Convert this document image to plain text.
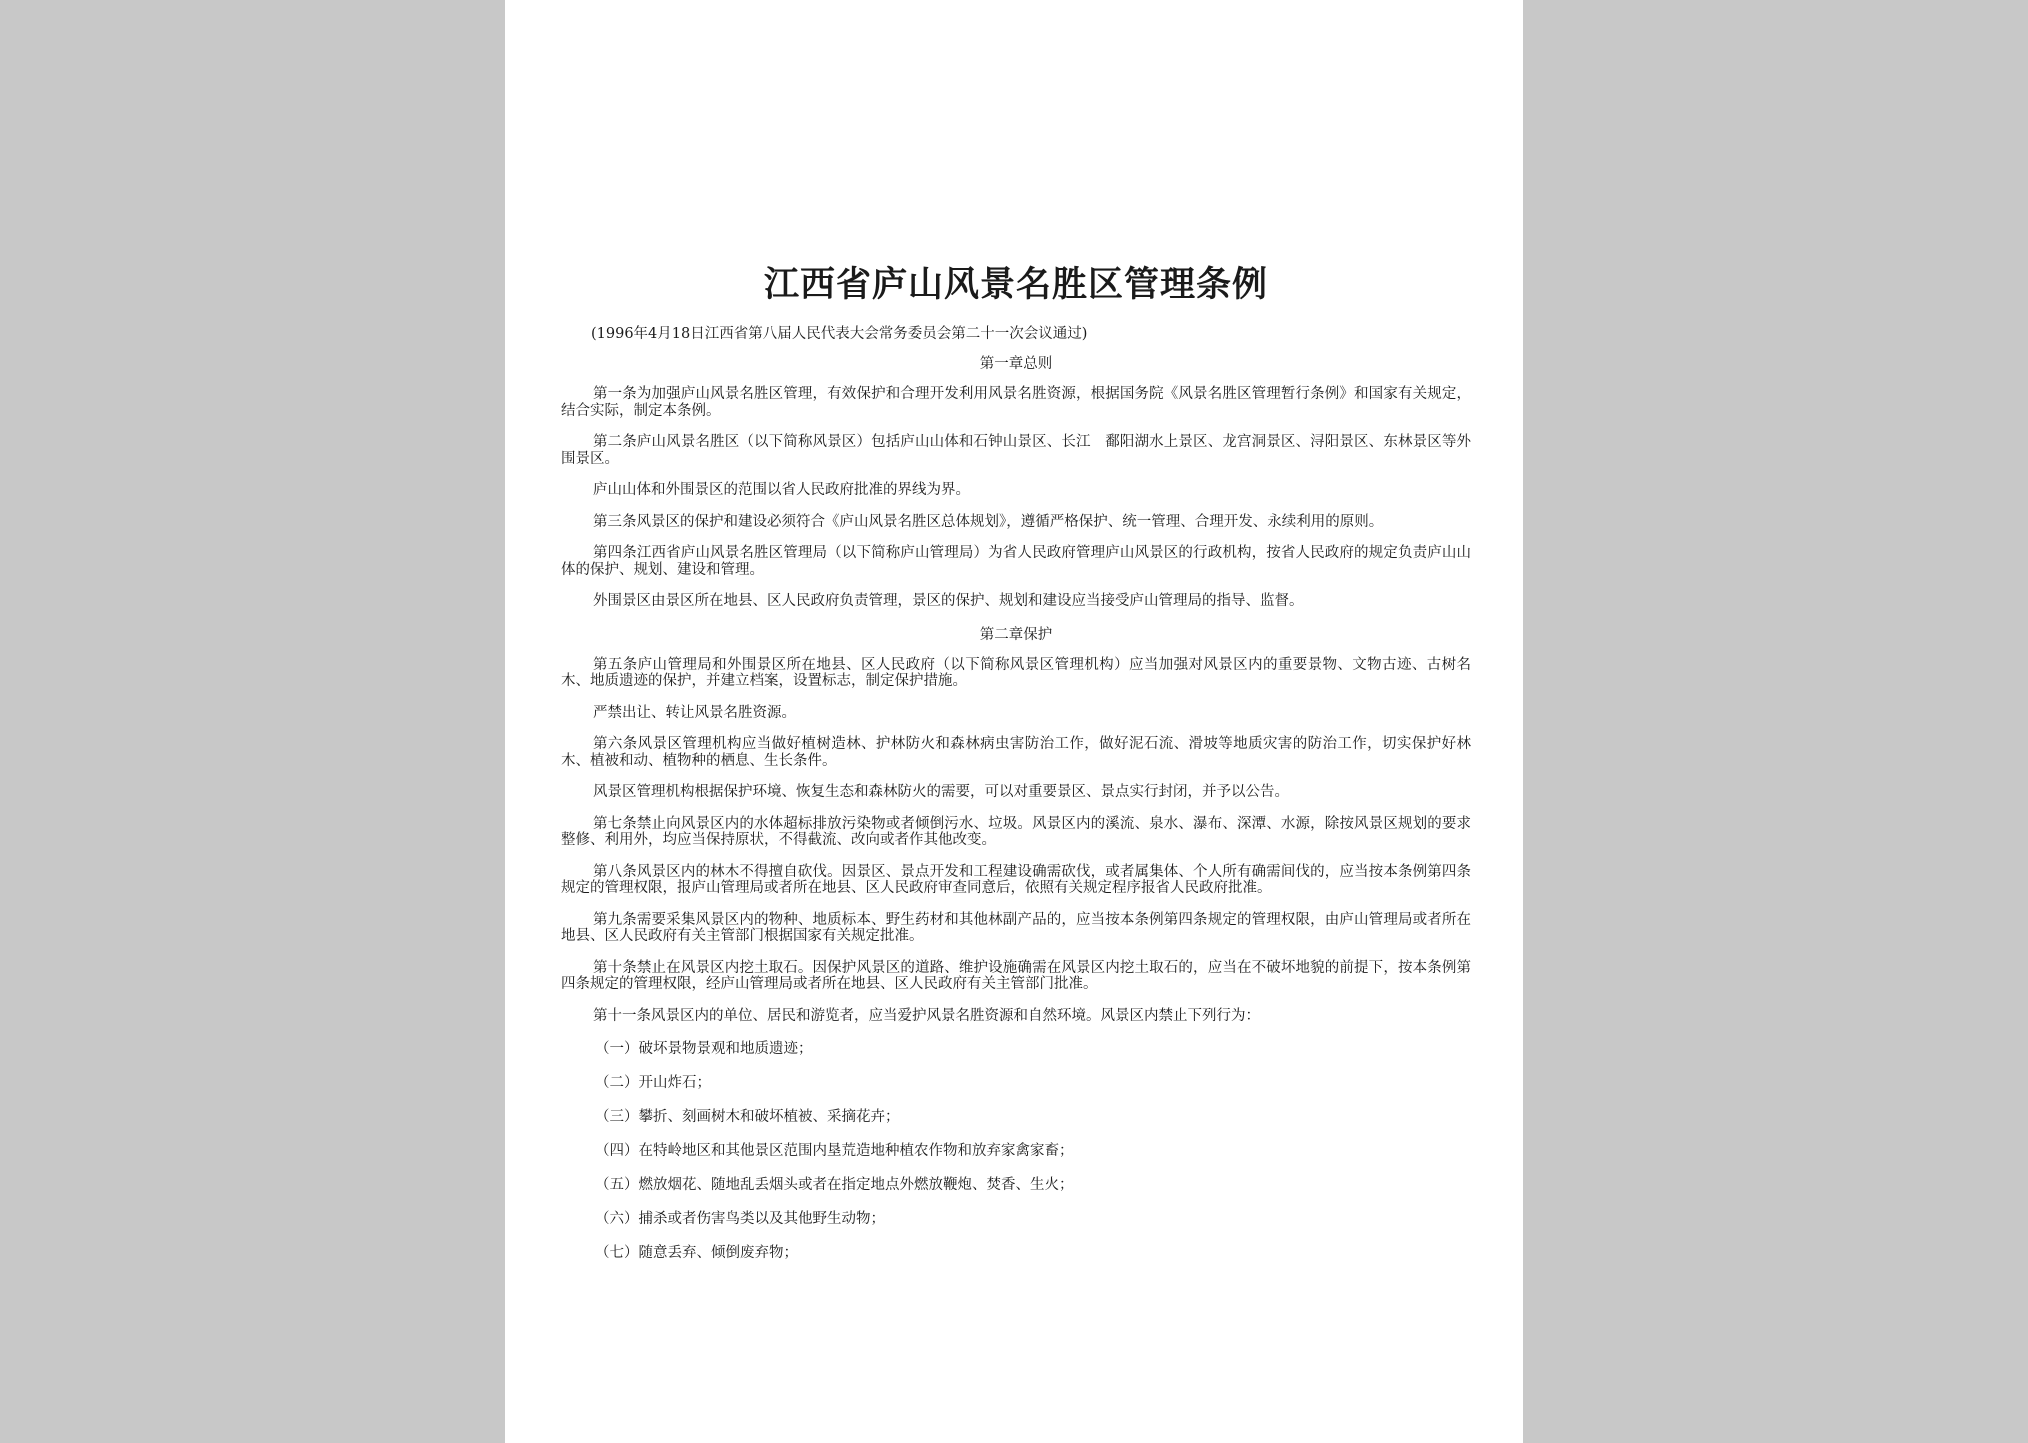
江西省庐山风景名胜区管理条例
(1996年4月18日江西省第八届人民代表大会常务委员会第二十一次会议通过)
第一章总则

第一条为加强庐山风景名胜区管理，有效保护和合理开发利用风景名胜资源，根据国务院《风景名胜区管理暂行条例》和国家有关规定，结合实际，制定本条例。

第二条庐山风景名胜区（以下简称风景区）包括庐山山体和石钟山景区、长江　鄱阳湖水上景区、龙宫洞景区、浔阳景区、东林景区等外围景区。

庐山山体和外围景区的范围以省人民政府批准的界线为界。

第三条风景区的保护和建设必须符合《庐山风景名胜区总体规划》，遵循严格保护、统一管理、合理开发、永续利用的原则。

第四条江西省庐山风景名胜区管理局（以下简称庐山管理局）为省人民政府管理庐山风景区的行政机构，按省人民政府的规定负责庐山山体的保护、规划、建设和管理。

外围景区由景区所在地县、区人民政府负责管理，景区的保护、规划和建设应当接受庐山管理局的指导、监督。

第二章保护

第五条庐山管理局和外围景区所在地县、区人民政府（以下简称风景区管理机构）应当加强对风景区内的重要景物、文物古迹、古树名木、地质遗迹的保护，并建立档案，设置标志，制定保护措施。

严禁出让、转让风景名胜资源。

第六条风景区管理机构应当做好植树造林、护林防火和森林病虫害防治工作，做好泥石流、滑坡等地质灾害的防治工作，切实保护好林木、植被和动、植物种的栖息、生长条件。

风景区管理机构根据保护环境、恢复生态和森林防火的需要，可以对重要景区、景点实行封闭，并予以公告。

第七条禁止向风景区内的水体超标排放污染物或者倾倒污水、垃圾。风景区内的溪流、泉水、瀑布、深潭、水源，除按风景区规划的要求整修、利用外，均应当保持原状，不得截流、改向或者作其他改变。

第八条风景区内的林木不得擅自砍伐。因景区、景点开发和工程建设确需砍伐，或者属集体、个人所有确需间伐的，应当按本条例第四条规定的管理权限，报庐山管理局或者所在地县、区人民政府审查同意后，依照有关规定程序报省人民政府批准。

第九条需要采集风景区内的物种、地质标本、野生药材和其他林副产品的，应当按本条例第四条规定的管理权限，由庐山管理局或者所在地县、区人民政府有关主管部门根据国家有关规定批准。

第十条禁止在风景区内挖土取石。因保护风景区的道路、维护设施确需在风景区内挖土取石的，应当在不破坏地貌的前提下，按本条例第四条规定的管理权限，经庐山管理局或者所在地县、区人民政府有关主管部门批准。

第十一条风景区内的单位、居民和游览者，应当爱护风景名胜资源和自然环境。风景区内禁止下列行为：

（一）破坏景物景观和地质遗迹；
（二）开山炸石；
（三）攀折、刻画树木和破坏植被、采摘花卉；
（四）在特岭地区和其他景区范围内垦荒造地种植农作物和放弃家禽家畜；
（五）燃放烟花、随地乱丢烟头或者在指定地点外燃放鞭炮、焚香、生火；
（六）捕杀或者伤害鸟类以及其他野生动物；
（七）随意丢弃、倾倒废弃物；
